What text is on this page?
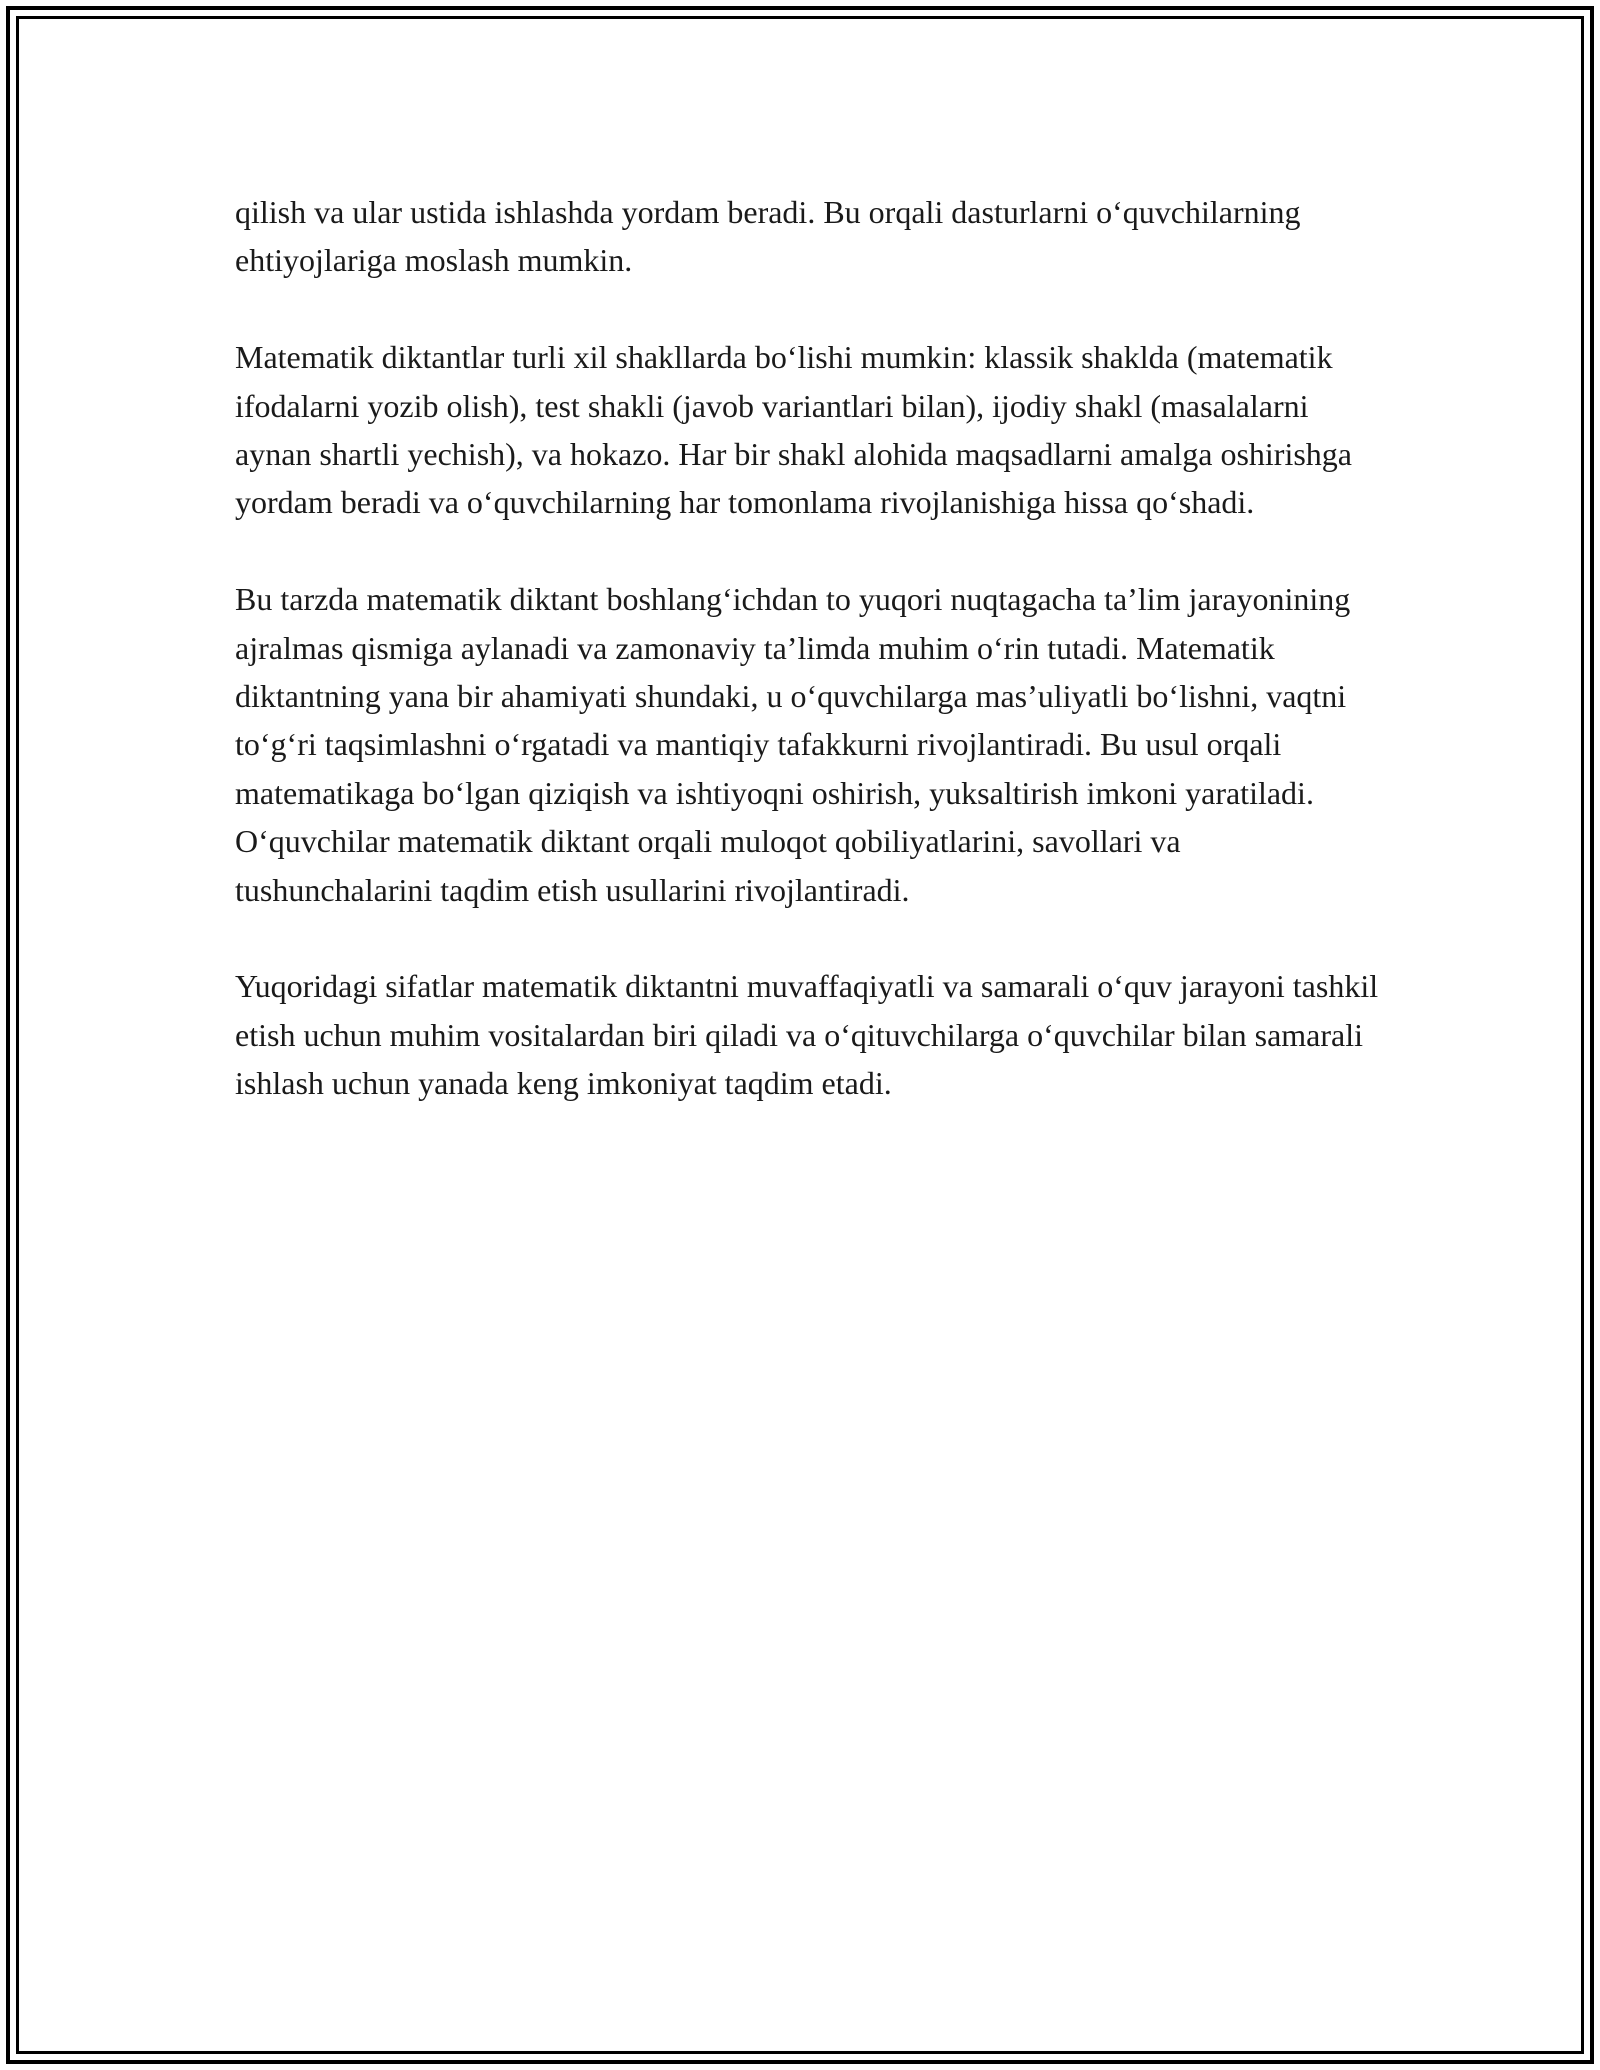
qilish va ular ustida ishlashda yordam beradi. Bu orqali dasturlarni o‘quvchilarning ehtiyojlariga moslash mumkin.

Matematik diktantlar turli xil shakllarda bo‘lishi mumkin: klassik shaklda (matematik ifodalarni yozib olish), test shakli (javob variantlari bilan), ijodiy shakl (masalalarni aynan shartli yechish), va hokazo. Har bir shakl alohida maqsadlarni amalga oshirishga yordam beradi va o‘quvchilarning har tomonlama rivojlanishiga hissa qo‘shadi.

Bu tarzda matematik diktant boshlang‘ichdan to yuqori nuqtagacha ta’lim jarayonining ajralmas qismiga aylanadi va zamonaviy ta’limda muhim o‘rin tutadi. Matematik diktantning yana bir ahamiyati shundaki, u o‘quvchilarga mas’uliyatli bo‘lishni, vaqtni to‘g‘ri taqsimlashni o‘rgatadi va mantiqiy tafakkurni rivojlantiradi. Bu usul orqali matematikaga bo‘lgan qiziqish va ishtiyoqni oshirish, yuksaltirish imkoni yaratiladi. O‘quvchilar matematik diktant orqali muloqot qobiliyatlarini, savollari va tushunchalarini taqdim etish usullarini rivojlantiradi.

Yuqoridagi sifatlar matematik diktantni muvaffaqiyatli va samarali o‘quv jarayoni tashkil etish uchun muhim vositalardan biri qiladi va o‘qituvchilarga o‘quvchilar bilan samarali ishlash uchun yanada keng imkoniyat taqdim etadi.
